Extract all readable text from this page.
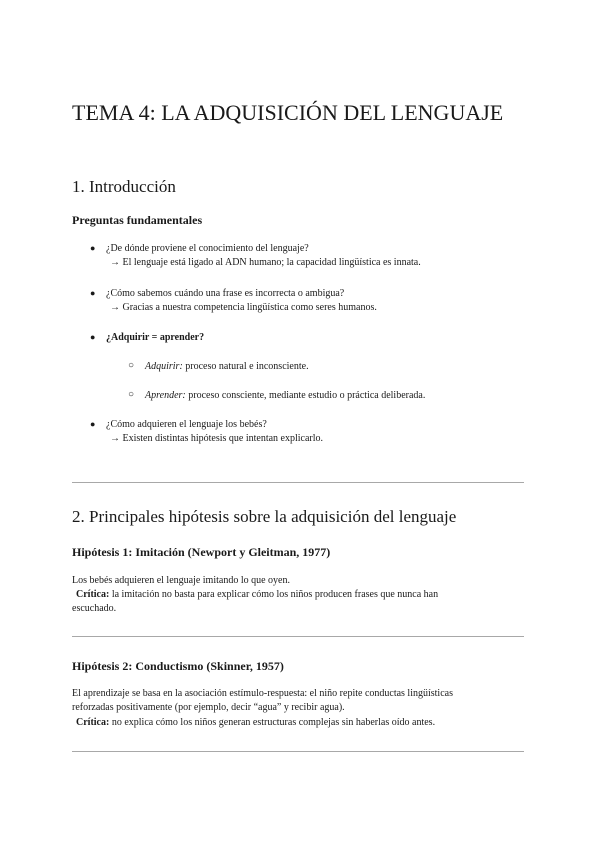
TEMA 4: LA ADQUISICIÓN DEL LENGUAJE
1. Introducción
Preguntas fundamentales
● ¿De dónde proviene el conocimiento del lenguaje?
→ El lenguaje está ligado al ADN humano; la capacidad lingüística es innata.
● ¿Cómo sabemos cuándo una frase es incorrecta o ambigua?
→ Gracias a nuestra competencia lingüística como seres humanos.
● ¿Adquirir = aprender?
○ Adquirir: proceso natural e inconsciente.
○ Aprender: proceso consciente, mediante estudio o práctica deliberada.
● ¿Cómo adquieren el lenguaje los bebés?
→ Existen distintas hipótesis que intentan explicarlo.
2. Principales hipótesis sobre la adquisición del lenguaje
Hipótesis 1: Imitación (Newport y Gleitman, 1977)
Los bebés adquieren el lenguaje imitando lo que oyen.
Crítica: la imitación no basta para explicar cómo los niños producen frases que nunca han
escuchado.
Hipótesis 2: Conductismo (Skinner, 1957)
El aprendizaje se basa en la asociación estímulo-respuesta: el niño repite conductas lingüísticas
reforzadas positivamente (por ejemplo, decir “agua” y recibir agua).
Crítica: no explica cómo los niños generan estructuras complejas sin haberlas oído antes.
